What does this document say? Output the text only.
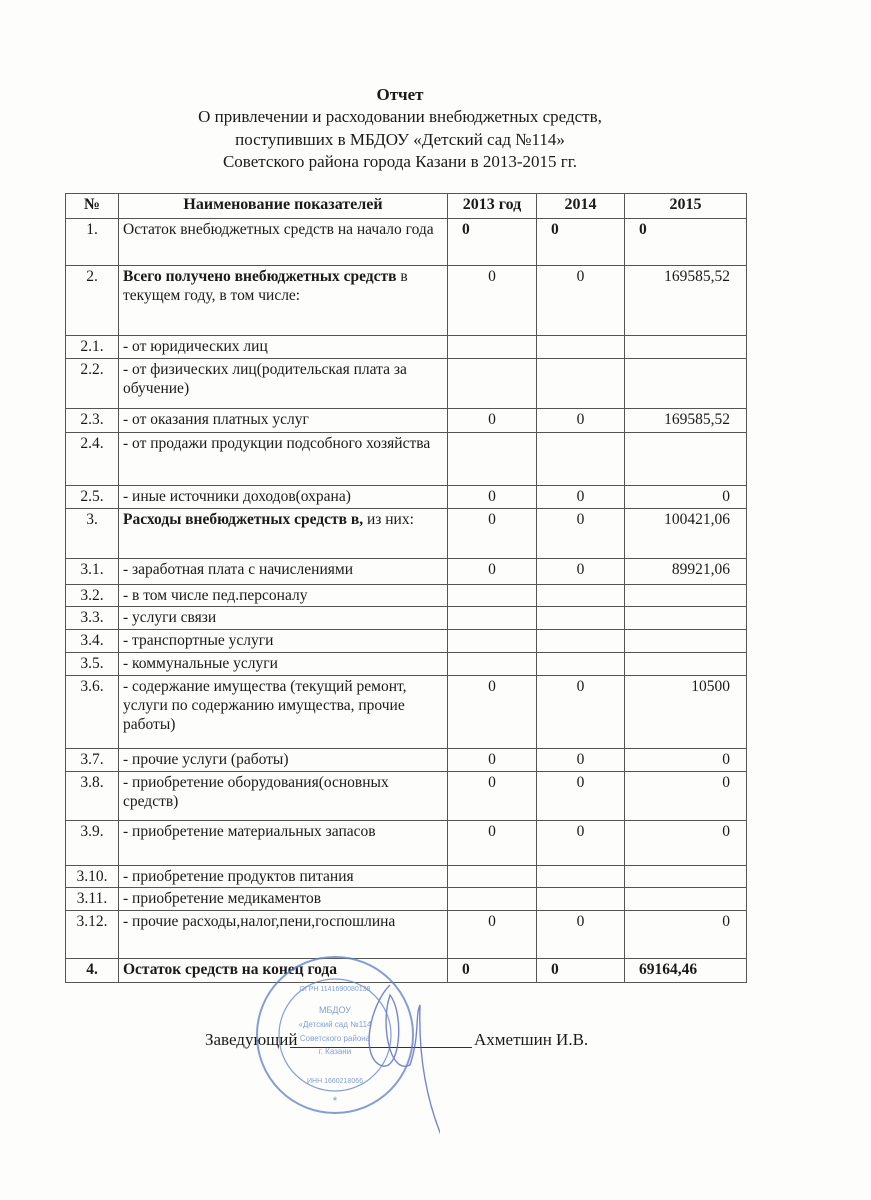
Отчет
О привлечении и расходовании внебюджетных средств,
поступивших в МБДОУ «Детский сад №114»
Советского района города Казани в 2013-2015 гг.
№	Наименование показателей	2013 год	2014	2015
1.	Остаток внебюджетных средств на начало года	0	0	0
2.	Всего получено внебюджетных средств в текущем году, в том числе:	0	0	169585,52
2.1.	- от юридических лиц			
2.2.	- от физических лиц(родительская плата за обучение)			
2.3.	- от оказания платных услуг	0	0	169585,52
2.4.	- от продажи продукции подсобного хозяйства			
2.5.	- иные источники доходов(охрана)	0	0	0
3.	Расходы внебюджетных средств в, из них:	0	0	100421,06
3.1.	- заработная плата с начислениями	0	0	89921,06
3.2.	- в том числе пед.персоналу			
3.3.	- услуги связи			
3.4.	- транспортные услуги			
3.5.	- коммунальные услуги			
3.6.	- содержание имущества (текущий ремонт, услуги по содержанию имущества, прочие работы)	0	0	10500
3.7.	- прочие услуги (работы)	0	0	0
3.8.	- приобретение оборудования(основных средств)	0	0	0
3.9.	- приобретение материальных запасов	0	0	0
3.10.	- приобретение продуктов питания			
3.11.	- приобретение медикаментов			
3.12.	- прочие расходы,налог,пени,госпошлина	0	0	0
4.	Остаток средств на конец года	0	0	69164,46
Заведующий	Ахметшин И.В.
МБДОУ
«Детский сад №114
Советского района
г. Казани
ОГРН 1141690080138
ИНН 1660218066
*
